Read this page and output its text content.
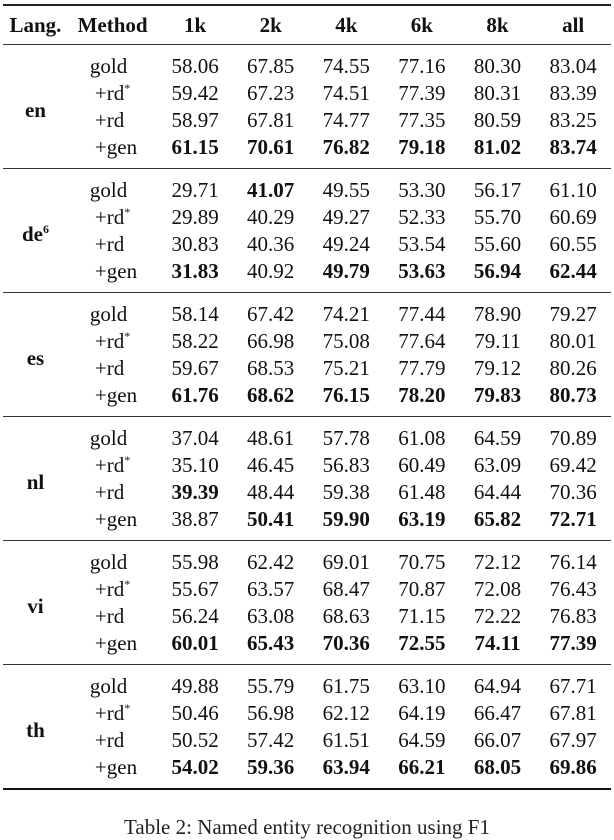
Lang.	Method	1k	2k	4k	6k	8k	all
en	gold	58.06	67.85	74.55	77.16	80.30	83.04
	+rd*	59.42	67.23	74.51	77.39	80.31	83.39
	+rd	58.97	67.81	74.77	77.35	80.59	83.25
	+gen	61.15	70.61	76.82	79.18	81.02	83.74
$de^6$	gold	29.71	41.07	49.55	53.30	56.17	61.10
	+rd*	29.89	40.29	49.27	52.33	55.70	60.69
	+rd	30.83	40.36	49.24	53.54	55.60	60.55
	+gen	31.83	40.92	49.79	53.63	56.94	62.44
es	gold	58.14	67.42	74.21	77.44	78.90	79.27
	+rd*	58.22	66.98	75.08	77.64	79.11	80.01
	+rd	59.67	68.53	75.21	77.79	79.12	80.26
	+gen	61.76	68.62	76.15	78.20	79.83	80.73
nl	gold	37.04	48.61	57.78	61.08	64.59	70.89
	+rd*	35.10	46.45	56.83	60.49	63.09	69.42
	+rd	39.39	48.44	59.38	61.48	64.44	70.36
	+gen	38.87	50.41	59.90	63.19	65.82	72.71
vi	gold	55.98	62.42	69.01	70.75	72.12	76.14
	+rd*	55.67	63.57	68.47	70.87	72.08	76.43
	+rd	56.24	63.08	68.63	71.15	72.22	76.83
	+gen	60.01	65.43	70.36	72.55	74.11	77.39
th	gold	49.88	55.79	61.75	63.10	64.94	67.71
	+rd*	50.46	56.98	62.12	64.19	66.47	67.81
	+rd	50.52	57.42	61.51	64.59	66.07	67.97
	+gen	54.02	59.36	63.94	66.21	68.05	69.86
Table 2: Named entity recognition using F1
